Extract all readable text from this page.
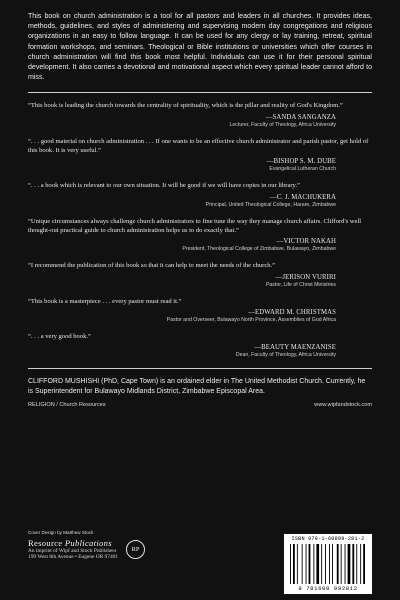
This book on church administration is a tool for all pastors and leaders in all churches. It provides ideas, methods, guidelines, and styles of administering and supervising modern day congregations and religious organizations in an easy to follow language. It can be used for any clergy or lay training, retreat, spiritual formation workshops, and seminars. Theological or Bible institutions or universities which offer courses in church administration will find this book most helpful. Individuals can use it for their personal spiritual development. It also carries a devotional and motivational aspect which every spiritual leader cannot afford to miss.

“This book is leading the church towards the centrality of spirituality, which is the pillar and reality of God's Kingdom.”

—SANDA SANGANZA

Lecturer, Faculty of Theology, Africa University

“. . . good material on church administration . . . If one wants to be an effective church administrator and parish pastor, get hold of this book. It is very useful.”

—BISHOP S. M. DUBE

Evangelical Lutheran Church

“. . . a book which is relevant to our own situation. It will be good if we will have copies in our library.”

—C. J. MACHUKERA

Principal, United Theological College, Harare, Zimbabwe

“Unique circumstances always challenge church administrators to fine tune the way they manage church affairs. Clifford's well thought-out practical guide to church administration helps us to do exactly that.”

—VICTOR NAKAH

President, Theological College of Zimbabwe, Bulawayo, Zimbabwe

“I recommend the publication of this book so that it can help to meet the needs of the church.”

—JERISON VURIRI

Pastor, Life of Christ Ministries

“This book is a masterpiece . . . every pastor must read it.”

—EDWARD M. CHRISTMAS

Pastor and Overseer, Bulawayo North Province, Assemblies of God Africa

“. . . a very good book.”

—BEAUTY MAENZANISE

Dean, Faculty of Theology, Africa University

CLIFFORD MUSHISHI (PhD, Cape Town) is an ordained elder in The United Methodist Church. Currently, he is Superintendent for Bulawayo Midlands District, Zimbabwe Episcopal Area.

RELIGION / Church Resources	www.wipfandstock.com
Cover Design by Matthew Stock
Resource Publications
An imprint of Wipf and Stock Publishers
199 West 8th Avenue • Eugene OR 97401
RP
ISBN 978-1-60899-281-2
9 781608 992812
